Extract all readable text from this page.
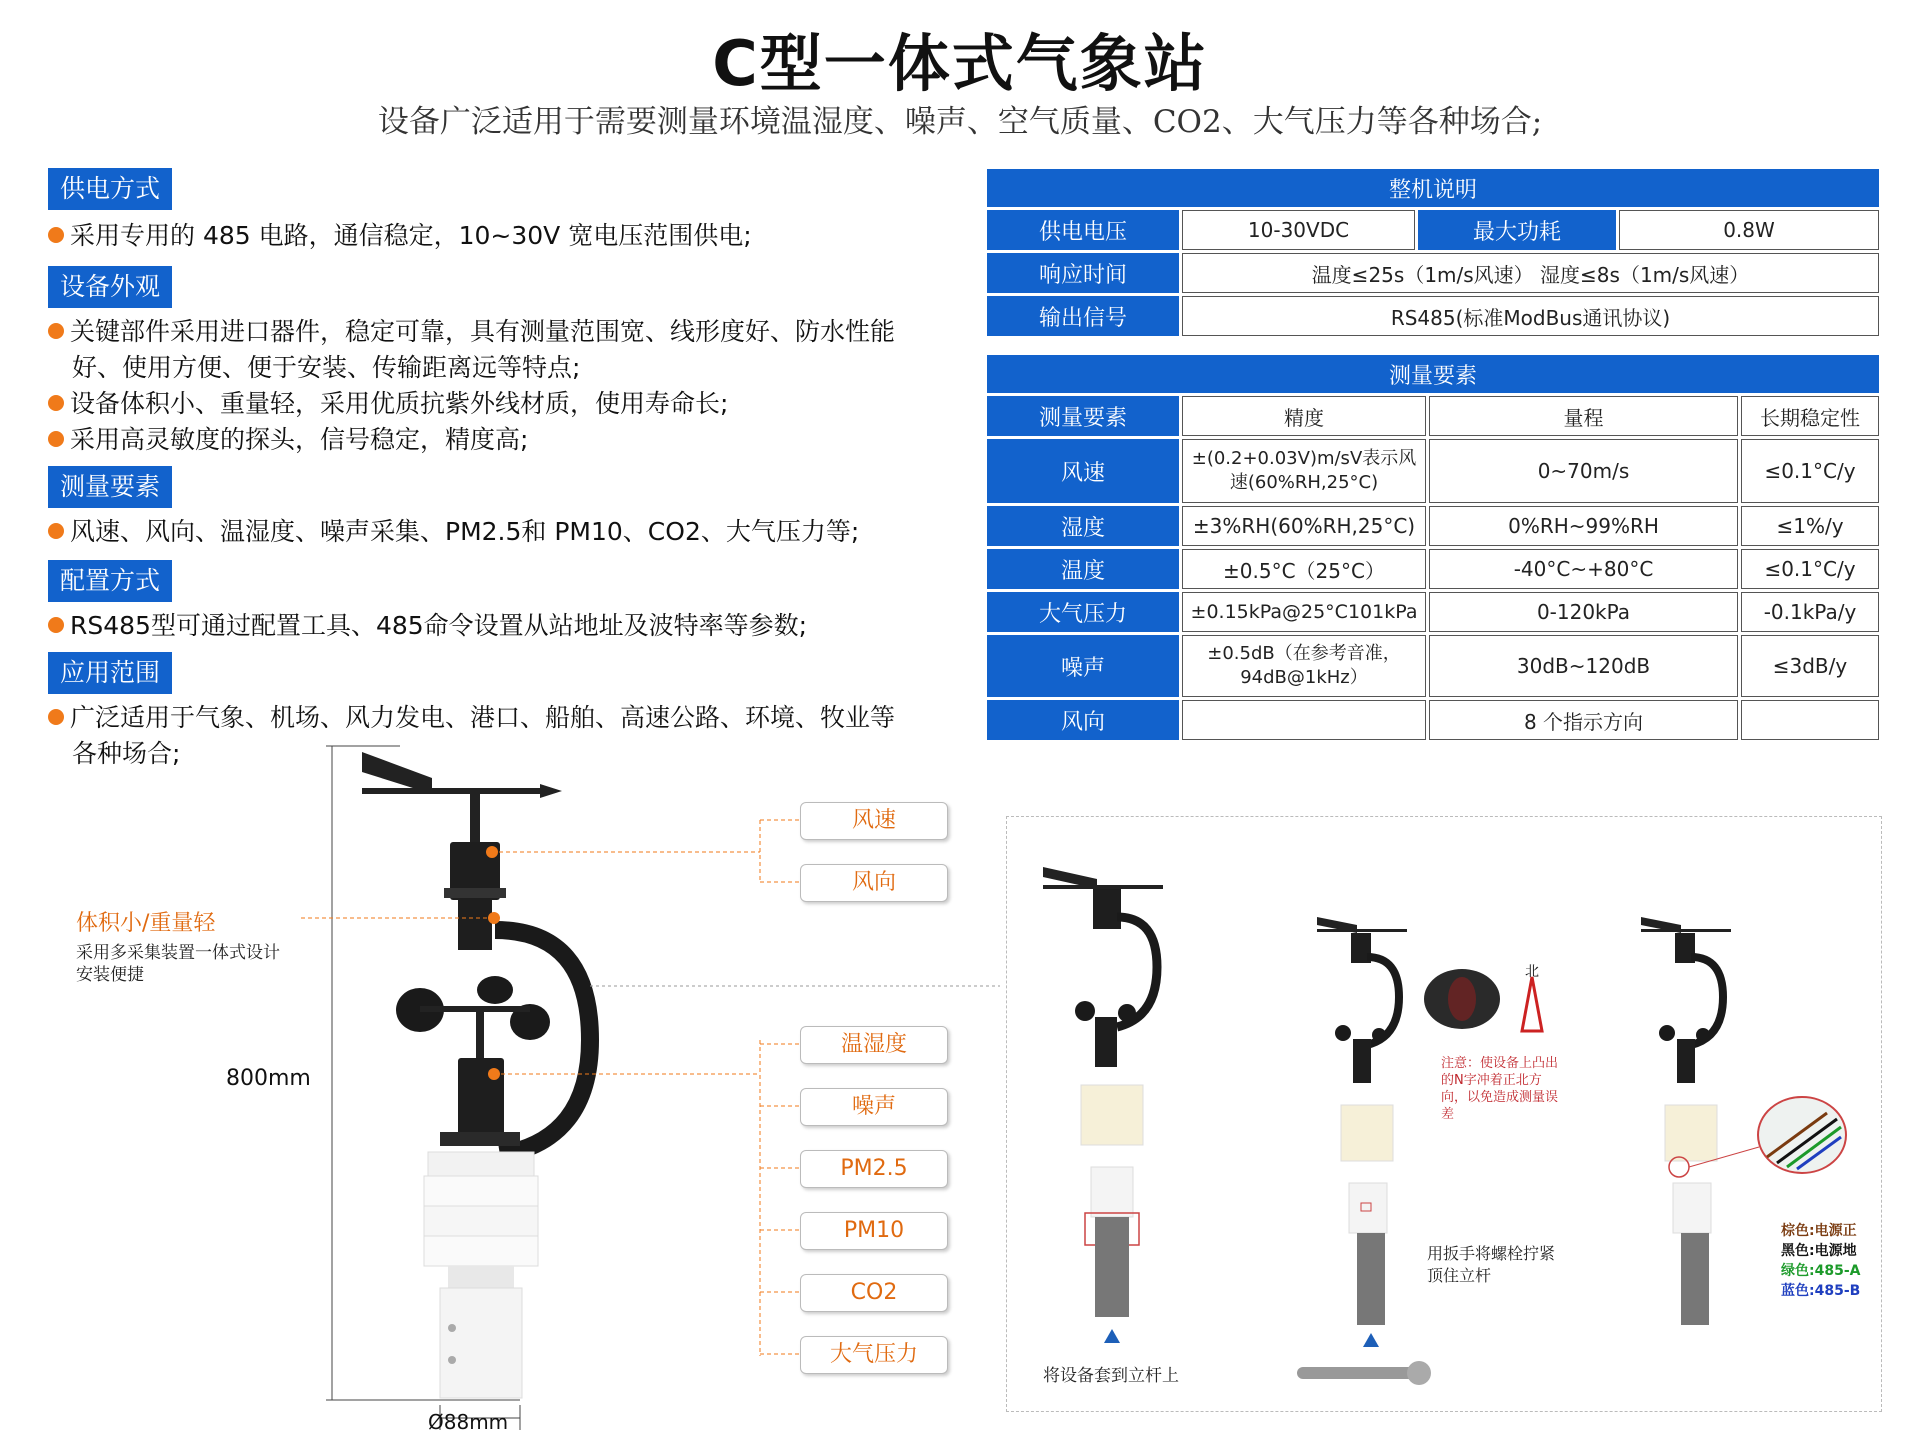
C型一体式气象站
设备广泛适用于需要测量环境温湿度、噪声、空气质量、CO2、大气压力等各种场合;
供电方式
采用专用的 485 电路，通信稳定，10~30V 宽电压范围供电;
设备外观
关键部件采用进口器件，稳定可靠，具有测量范围宽、线形度好、防水性能
好、使用方便、便于安装、传输距离远等特点;
设备体积小、重量轻，采用优质抗紫外线材质，使用寿命长;
采用高灵敏度的探头，信号稳定，精度高;
测量要素
风速、风向、温湿度、噪声采集、PM2.5和 PM10、CO2、大气压力等;
配置方式
RS485型可通过配置工具、485命令设置从站地址及波特率等参数;
应用范围
广泛适用于气象、机场、风力发电、港口、船舶、高速公路、环境、牧业等
各种场合;
整机说明			
供电电压	10-30VDC	最大功耗	0.8W
响应时间	温度≤25s（1m/s风速） 湿度≤8s（1m/s风速）		
输出信号	RS485(标准ModBus通讯协议)		
测量要素			
测量要素	精度	量程	长期稳定性
风速	±(0.2+0.03V)m/sV表示风速(60%RH,25°C)	0~70m/s	≤0.1°C/y
湿度	±3%RH(60%RH,25°C)	0%RH~99%RH	≤1%/y
温度	±0.5°C（25°C）	-40°C~+80°C	≤0.1°C/y
大气压力	±0.15kPa@25°C101kPa	0-120kPa	-0.1kPa/y
噪声	±0.5dB（在参考音准，94dB@1kHz）	30dB~120dB	≤3dB/y
风向		8 个指示方向	
风速
风向
温湿度
噪声
PM2.5
PM10
CO2
大气压力
体积小/重量轻
采用多采集装置一体式设计
安装便捷
800mm
Ø88mm
将设备套到立杆上
注意：使设备上凸出的N字冲着正北方向，以免造成测量误差
北
用扳手将螺栓拧紧
顶住立杆
棕色:电源正
黑色:电源地
绿色:485-A
蓝色:485-B
